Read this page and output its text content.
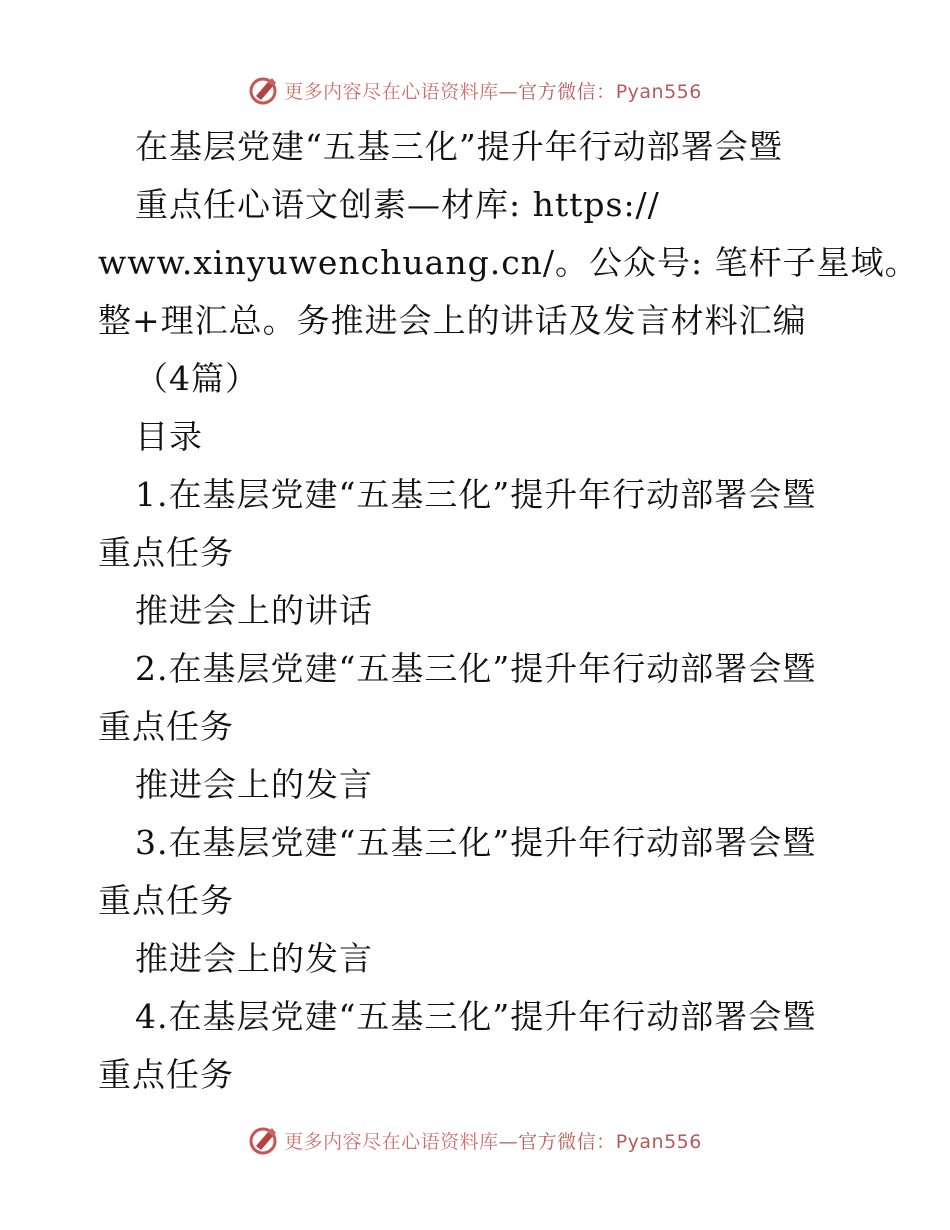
更多内容尽在心语资料库—官方微信：Pyan556
在基层党建“五基三化”提升年行动部署会暨
重点任心语文创素—材库: https://
www.xinyuwenchuang.cn/。公众号: 笔杆子星域。
整+理汇总。务推进会上的讲话及发言材料汇编
（4篇）
目录
1.在基层党建“五基三化”提升年行动部署会暨
重点任务
推进会上的讲话
2.在基层党建“五基三化”提升年行动部署会暨
重点任务
推进会上的发言
3.在基层党建“五基三化”提升年行动部署会暨
重点任务
推进会上的发言
4.在基层党建“五基三化”提升年行动部署会暨
重点任务
更多内容尽在心语资料库—官方微信：Pyan556
